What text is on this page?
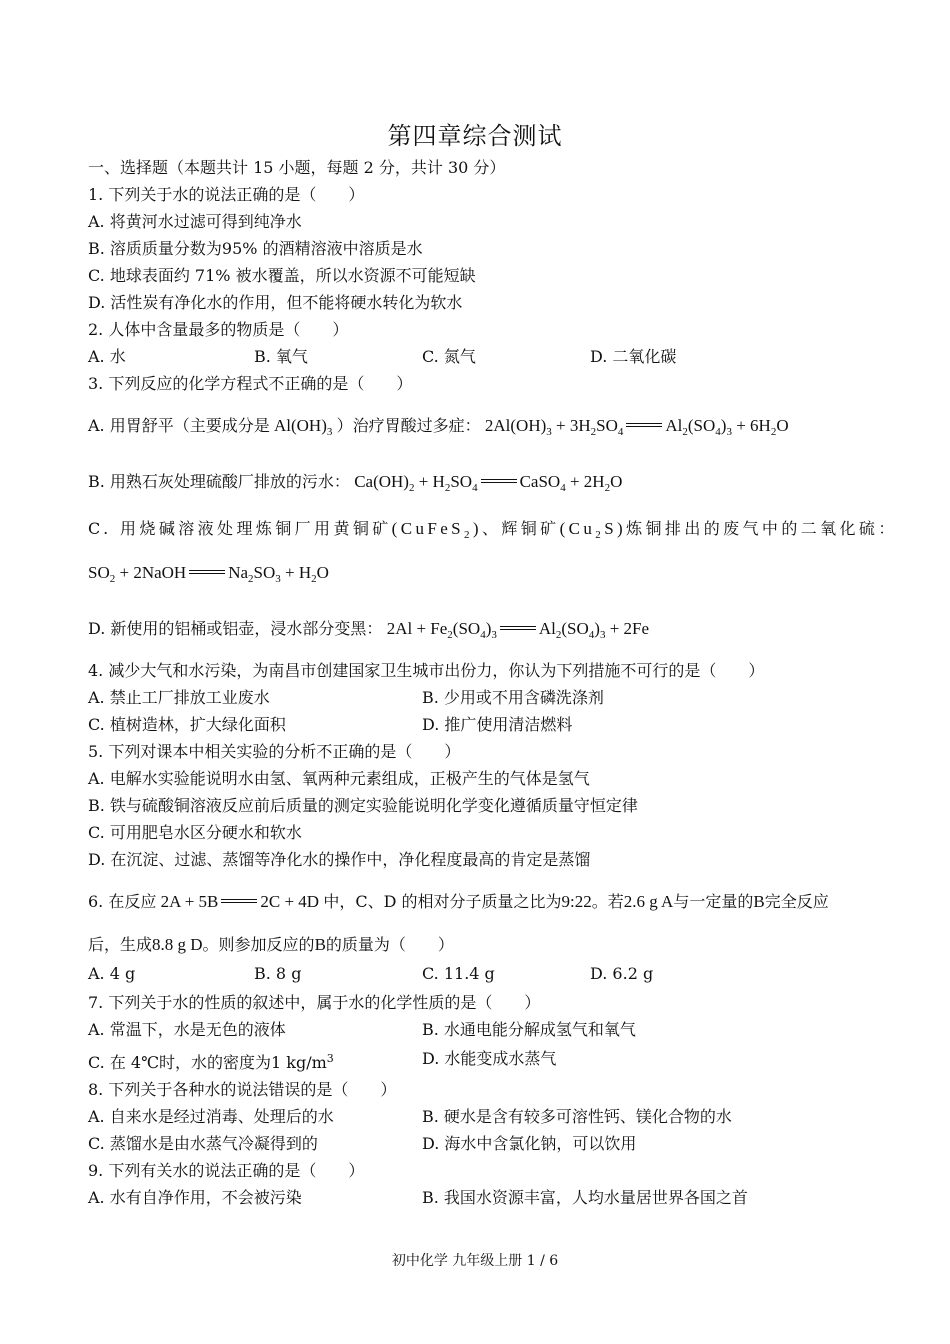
第四章综合测试
一、选择题（本题共计 15 小题，每题 2 分，共计 30 分）
1. 下列关于水的说法正确的是（　　）
A. 将黄河水过滤可得到纯净水
B. 溶质质量分数为95% 的酒精溶液中溶质是水
C. 地球表面约 71% 被水覆盖，所以水资源不可能短缺
D. 活性炭有净化水的作用，但不能将硬水转化为软水
2. 人体中含量最多的物质是（　　）
A. 水	B. 氧气	C. 氮气	D. 二氧化碳
3. 下列反应的化学方程式不正确的是（　　）
A. 用胃舒平（主要成分是 $Al(OH)_3$ ）治疗胃酸过多症： $2Al(OH)_3 + 3H_2SO_4$ $Al_2(SO_4)_3 + 6H_2O$
B. 用熟石灰处理硫酸厂排放的污水： $Ca(OH)_2 + H_2SO_4$ CaSO$_4$ + $2H_2O$
C. 用烧碱溶液处理炼铜厂用黄铜矿(CuFeS$_2$)、辉铜矿$(Cu_2S)$炼铜排出的废气中的二氧化硫：
$SO_2$ + 2NaOH $Na_2SO_3 + H_2O$
D. 新使用的铝桶或铝壶，浸水部分变黑： $2Al + Fe_2(SO_4)_3$ $Al_2(SO_4)_3 + 2Fe$
4. 减少大气和水污染，为南昌市创建国家卫生城市出份力，你认为下列措施不可行的是（　　）
A. 禁止工厂排放工业废水	B. 少用或不用含磷洗涤剂
C. 植树造林，扩大绿化面积	D. 推广使用清洁燃料
5. 下列对课本中相关实验的分析不正确的是（　　）
A. 电解水实验能说明水由氢、氧两种元素组成，正极产生的气体是氢气
B. 铁与硫酸铜溶液反应前后质量的测定实验能说明化学变化遵循质量守恒定律
C. 可用肥皂水区分硬水和软水
D. 在沉淀、过滤、蒸馏等净化水的操作中，净化程度最高的肯定是蒸馏
6. 在反应 2A + 5B 2C + 4D 中，C、D 的相对分子质量之比为9:22。若2.6 g A与一定量的B完全反应
后，生成8.8 g D。则参加反应的B的质量为（　　）
A. 4 g	B. 8 g	C. 11.4 g	D. 6.2 g
7. 下列关于水的性质的叙述中，属于水的化学性质的是（　　）
A. 常温下，水是无色的液体	B. 水通电能分解成氢气和氧气
C. 在 4℃时，水的密度为1 $kg/m^3$	D. 水能变成水蒸气
8. 下列关于各种水的说法错误的是（　　）
A. 自来水是经过消毒、处理后的水	B. 硬水是含有较多可溶性钙、镁化合物的水
C. 蒸馏水是由水蒸气冷凝得到的	D. 海水中含氯化钠，可以饮用
9. 下列有关水的说法正确的是（　　）
A. 水有自净作用，不会被污染	B. 我国水资源丰富，人均水量居世界各国之首
初中化学 九年级上册 1 / 6
